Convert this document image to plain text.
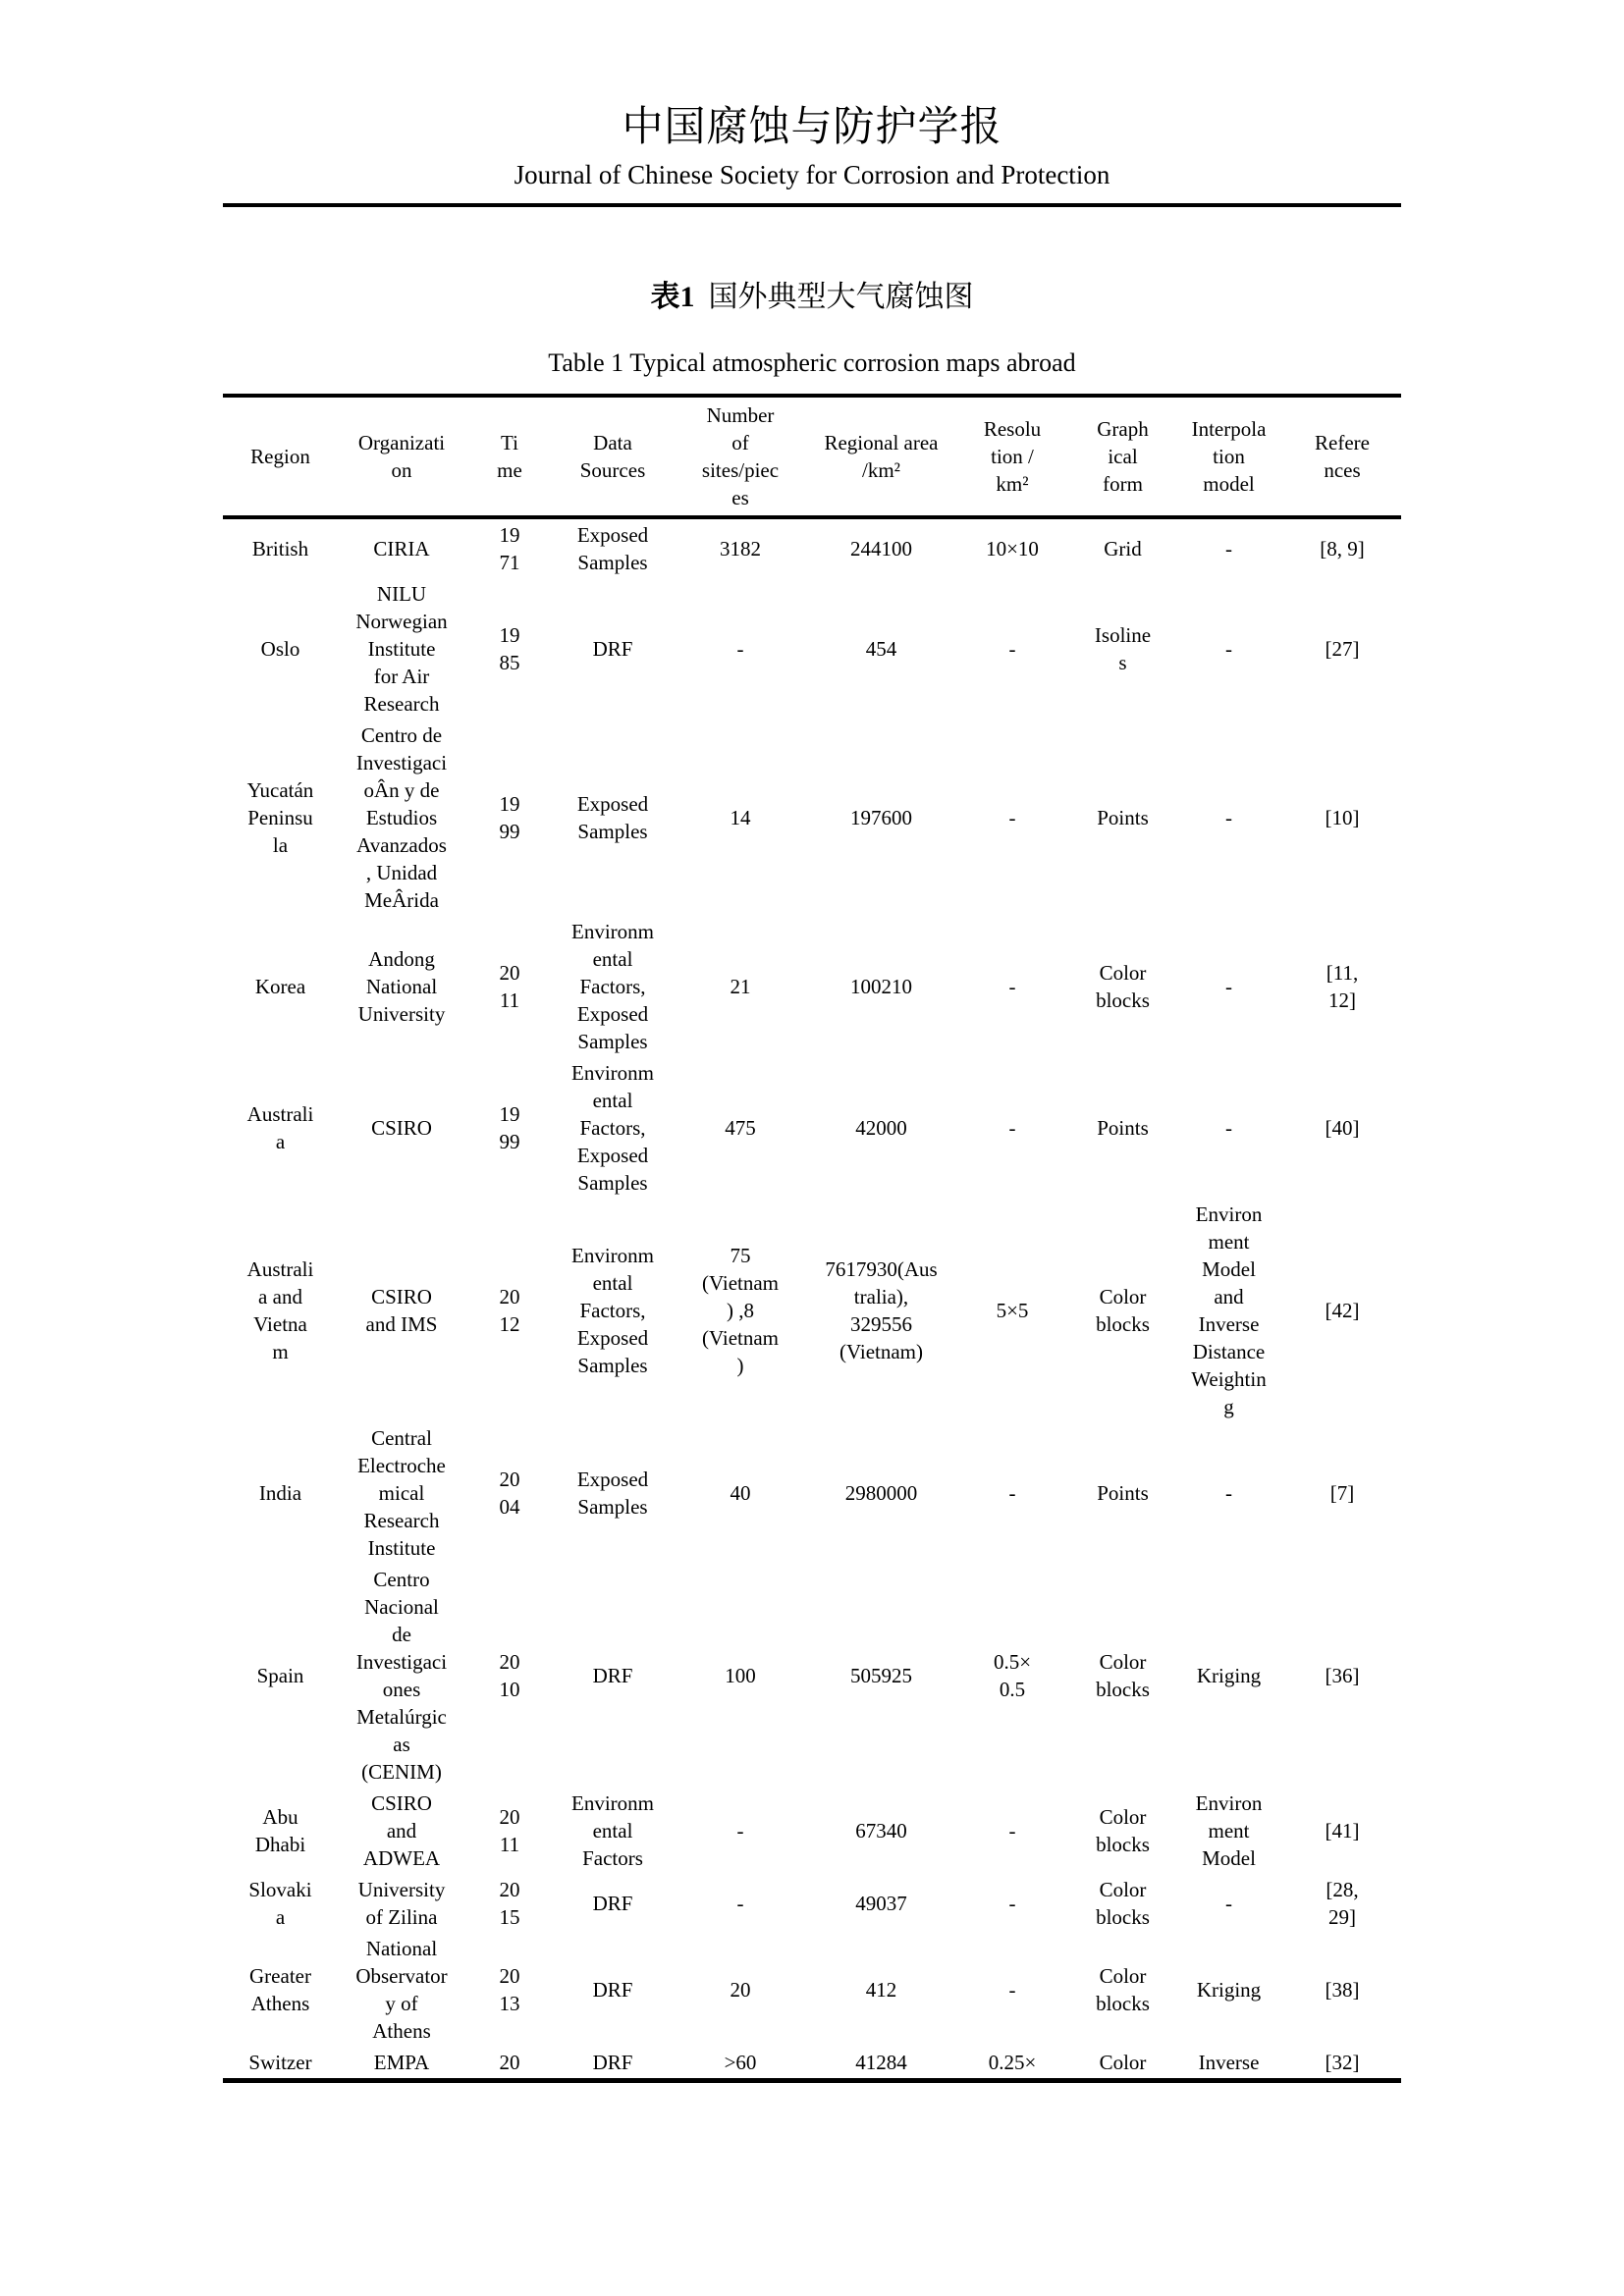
中国腐蚀与防护学报
Journal of Chinese Society for Corrosion and Protection
表1 国外典型大气腐蚀图
Table 1 Typical atmospheric corrosion maps abroad
Region	Organization	Time	Data Sources	Number of sites/pieces	Regional area /km²	Resolution / km²	Graphical form	Interpolation model	References
British	CIRIA	1971	Exposed Samples	3182	244100	10×10	Grid	-	[8, 9]
Oslo	NILU Norwegian Institute for Air Research	1985	DRF	-	454	-	Isolines	-	[27]
Yucatán Peninsula	Centro de InvestigacioÂn y de Estudios Avanzados , Unidad MeÂrida	1999	Exposed Samples	14	197600	-	Points	-	[10]
Korea	Andong National University	2011	Environmental Factors, Exposed Samples	21	100210	-	Color blocks	-	[11, 12]
Australia	CSIRO	1999	Environmental Factors, Exposed Samples	475	42000	-	Points	-	[40]
Australia and Vietnam	CSIRO and IMS	2012	Environmental Factors, Exposed Samples	75 (Vietnam) ,8 (Vietnam)	7617930(Australia), 329556 (Vietnam)	5×5	Color blocks	Environment Model and Inverse Distance Weighting	[42]
India	Central Electrochemical Research Institute	2004	Exposed Samples	40	2980000	-	Points	-	[7]
Spain	Centro Nacional de Investigaciones Metalúrgicas (CENIM)	2010	DRF	100	505925	0.5× 0.5	Color blocks	Kriging	[36]
Abu Dhabi	CSIRO and ADWEA	2011	Environmental Factors	-	67340	-	Color blocks	Environment Model	[41]
Slovakia	University of Zilina	2015	DRF	-	49037	-	Color blocks	-	[28, 29]
Greater Athens	National Observatory of Athens	2013	DRF	20	412	-	Color blocks	Kriging	[38]
Switzer	EMPA	20	DRF	>60	41284	0.25×	Color	Inverse	[32]
